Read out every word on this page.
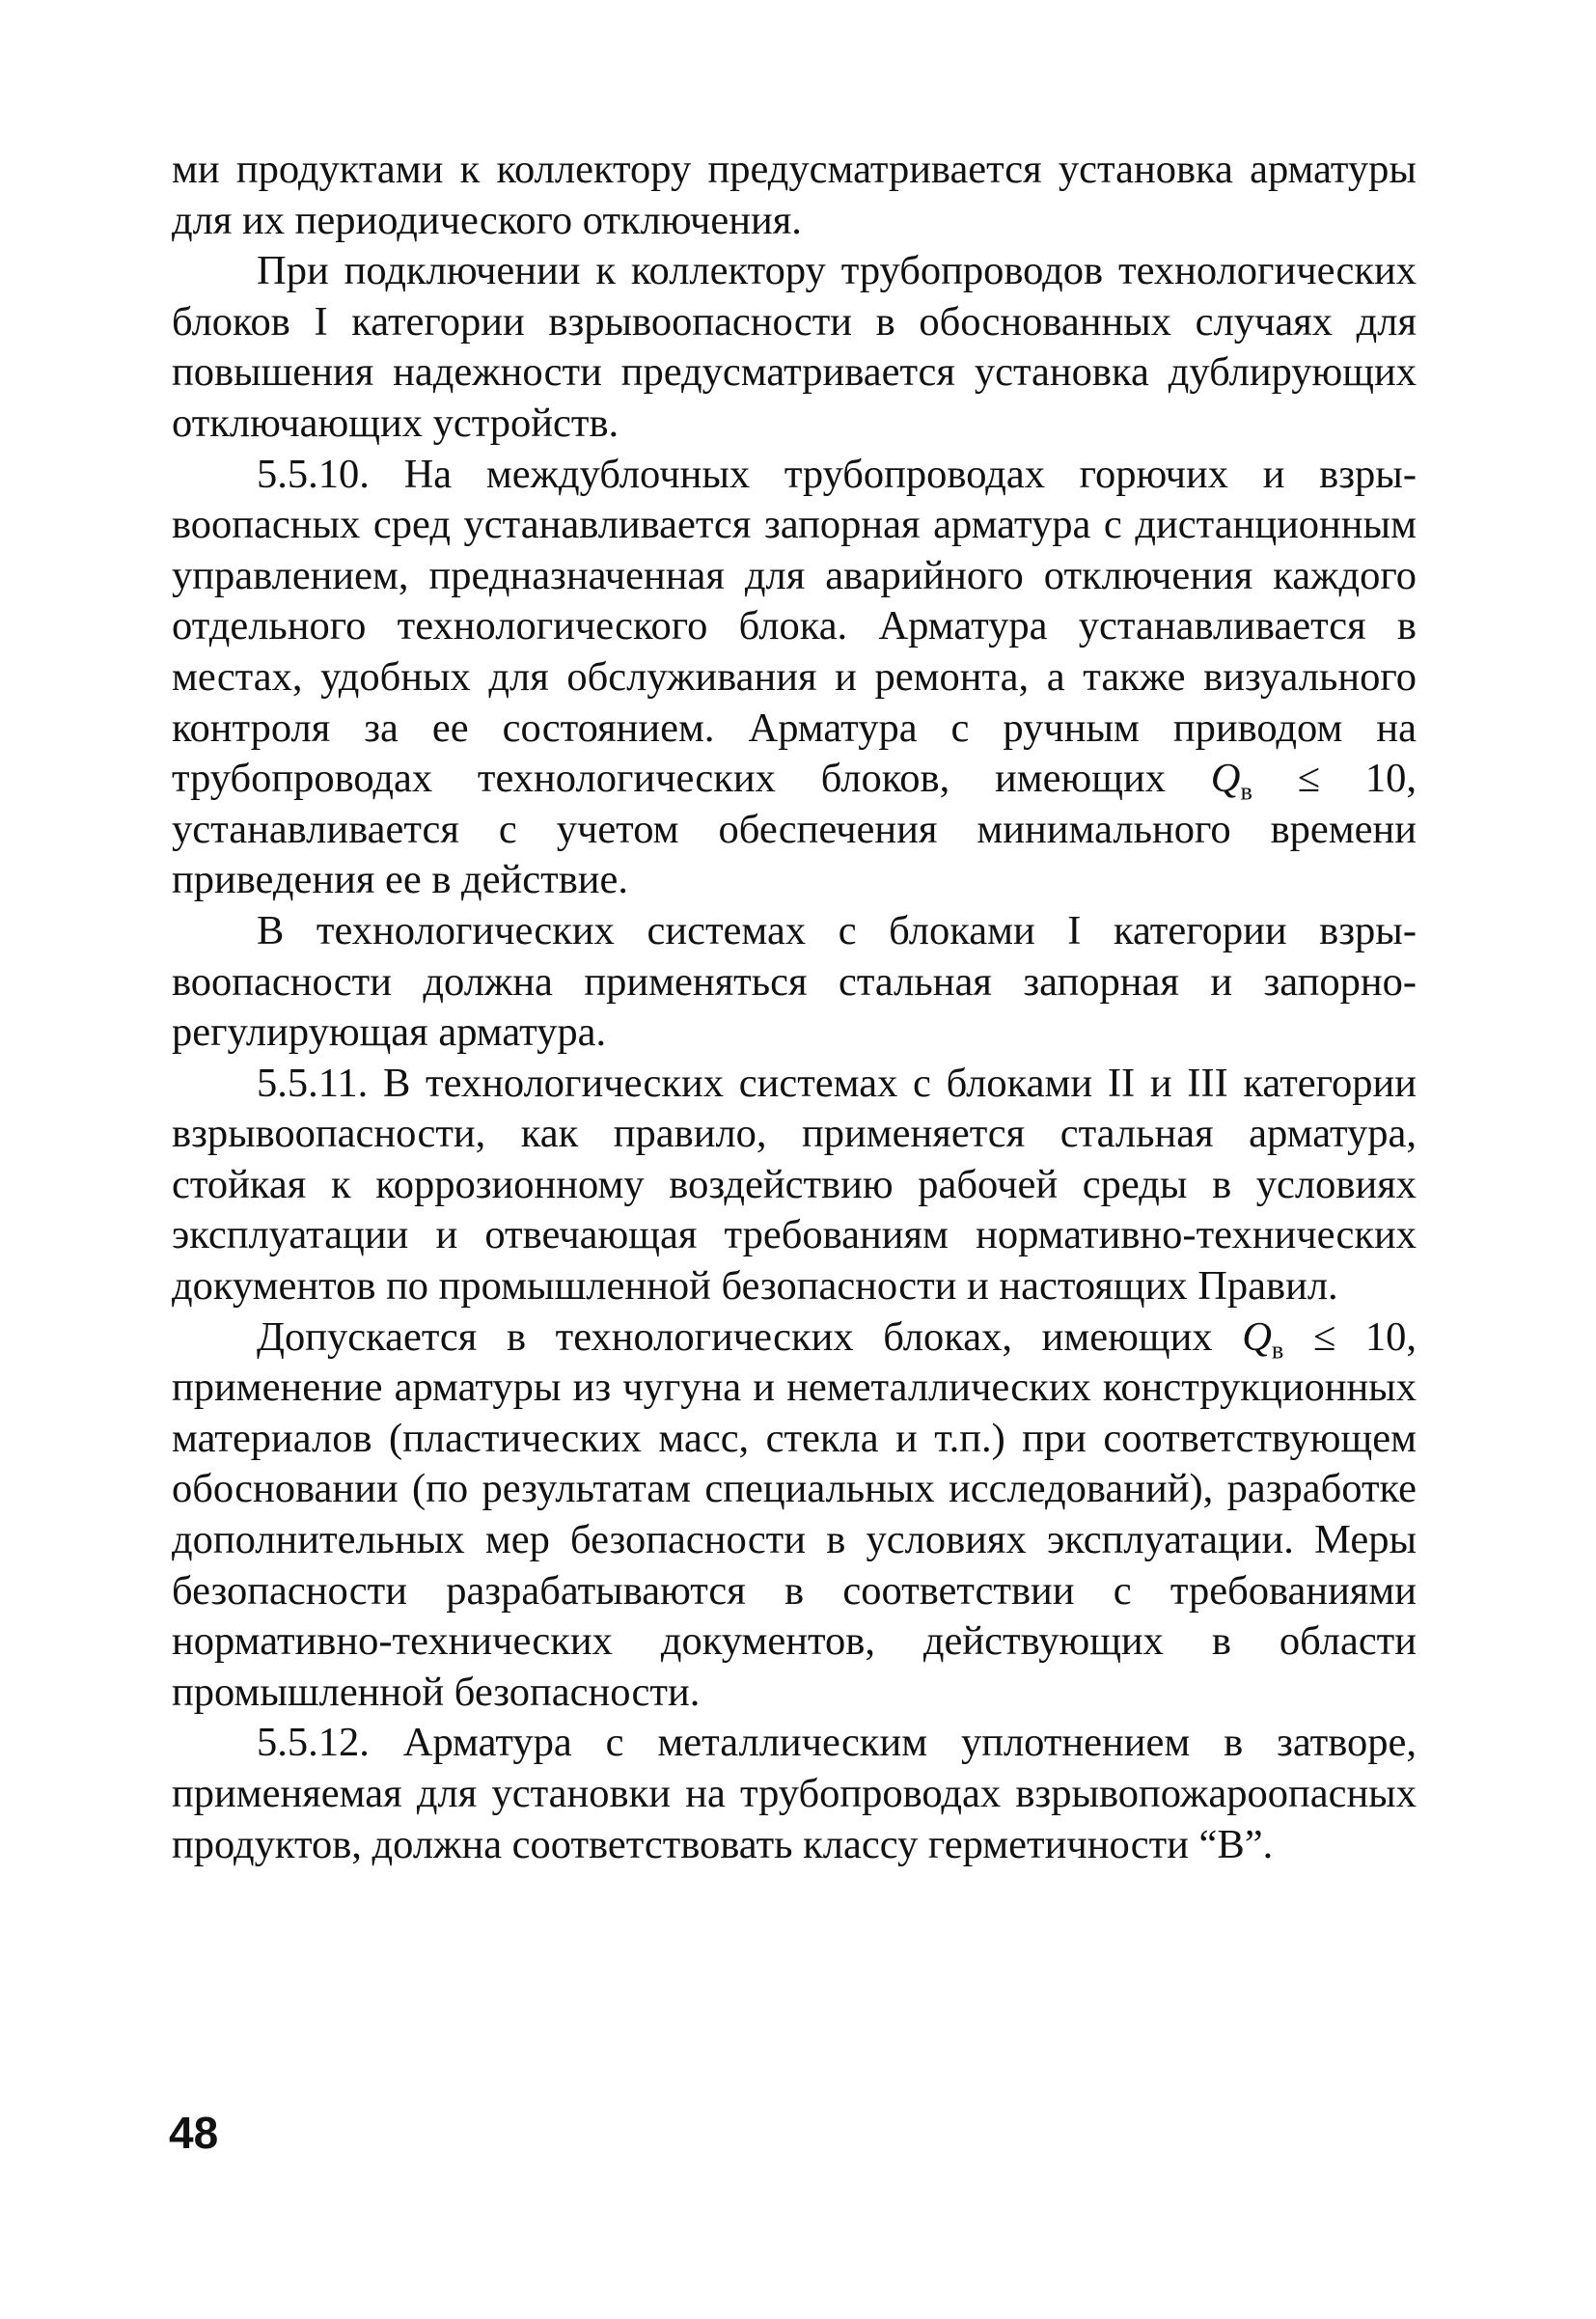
ми продуктами к коллектору предусматривается установка арматуры для их периодического отключения.

При подключении к коллектору трубопроводов технологических блоков I категории взрывоопасности в обоснованных случаях для повышения надежности предусматривается установка дублирующих отключающих устройств.

5.5.10. На междублочных трубопроводах горючих и взрывоопасных сред устанавливается запорная арматура с дистанционным управлением, предназначенная для аварийного отключения каждого отдельного технологического блока. Арматура устанавливается в местах, удобных для обслуживания и ремонта, а также визуального контроля за ее состоянием. Арматура с ручным приводом на трубопроводах технологических блоков, имеющих Qв ≤ 10, устанавливается с учетом обеспечения минимального времени приведения ее в действие.

В технологических системах с блоками I категории взрывоопасности должна применяться стальная запорная и запорно-регулирующая арматура.

5.5.11. В технологических системах с блоками II и III категории взрывоопасности, как правило, применяется стальная арматура, стойкая к коррозионному воздействию рабочей среды в условиях эксплуатации и отвечающая требованиям нормативно-технических документов по промышленной безопасности и настоящих Правил.

Допускается в технологических блоках, имеющих Qв ≤ 10, применение арматуры из чугуна и неметаллических конструкционных материалов (пластических масс, стекла и т.п.) при соответствующем обосновании (по результатам специальных исследований), разработке дополнительных мер безопасности в условиях эксплуатации. Меры безопасности разрабатываются в соответствии с требованиями нормативно-технических документов, действующих в области промышленной безопасности.

5.5.12. Арматура с металлическим уплотнением в затворе, применяемая для установки на трубопроводах взрывопожароопасных продуктов, должна соответствовать классу герметичности “В”.

48
